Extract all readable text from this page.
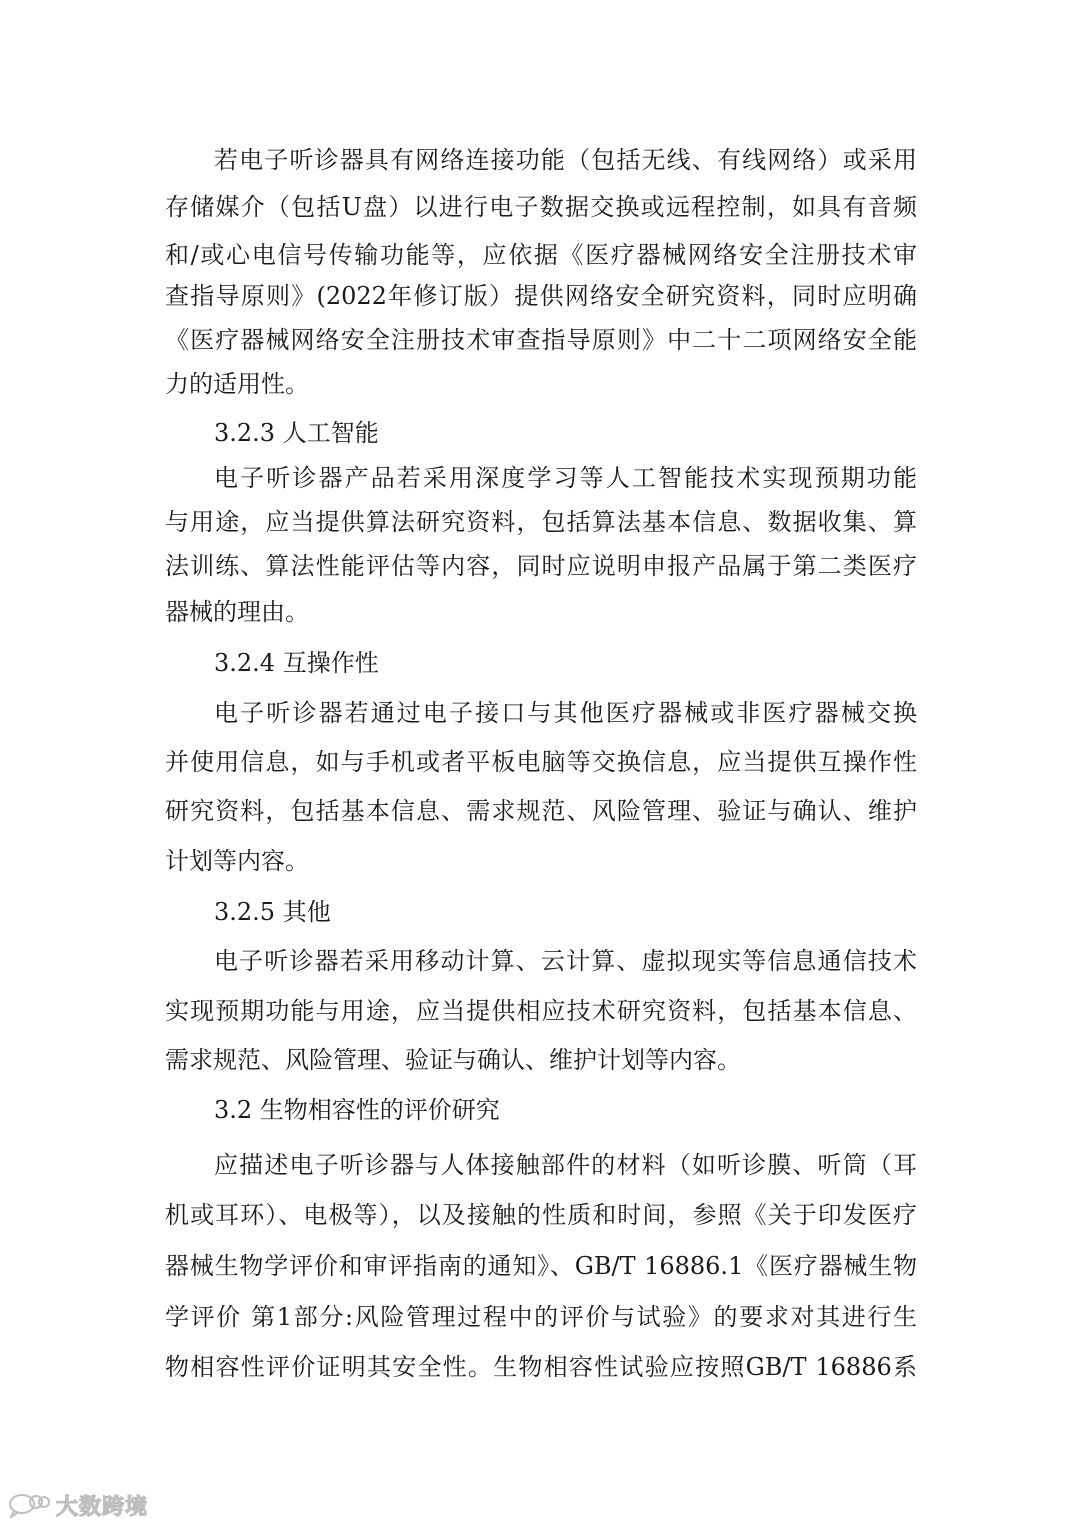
若电子听诊器具有网络连接功能（包括无线、有线网络）或采用
存储媒介（包括U盘）以进行电子数据交换或远程控制，如具有音频
和/或心电信号传输功能等，应依据《医疗器械网络安全注册技术审
查指导原则》(2022年修订版）提供网络安全研究资料，同时应明确
《医疗器械网络安全注册技术审查指导原则》中二十二项网络安全能
力的适用性。
3.2.3 人工智能
电子听诊器产品若采用深度学习等人工智能技术实现预期功能
与用途，应当提供算法研究资料，包括算法基本信息、数据收集、算
法训练、算法性能评估等内容，同时应说明申报产品属于第二类医疗
器械的理由。
3.2.4 互操作性
电子听诊器若通过电子接口与其他医疗器械或非医疗器械交换
并使用信息，如与手机或者平板电脑等交换信息，应当提供互操作性
研究资料，包括基本信息、需求规范、风险管理、验证与确认、维护
计划等内容。
3.2.5 其他
电子听诊器若采用移动计算、云计算、虚拟现实等信息通信技术
实现预期功能与用途，应当提供相应技术研究资料，包括基本信息、
需求规范、风险管理、验证与确认、维护计划等内容。
3.2 生物相容性的评价研究
应描述电子听诊器与人体接触部件的材料（如听诊膜、听筒（耳
机或耳环）、电极等），以及接触的性质和时间，参照《关于印发医疗
器械生物学评价和审评指南的通知》、GB/T 16886.1《医疗器械生物
学评价 第1部分:风险管理过程中的评价与试验》的要求对其进行生
物相容性评价证明其安全性。生物相容性试验应按照GB/T 16886系
大数跨境
